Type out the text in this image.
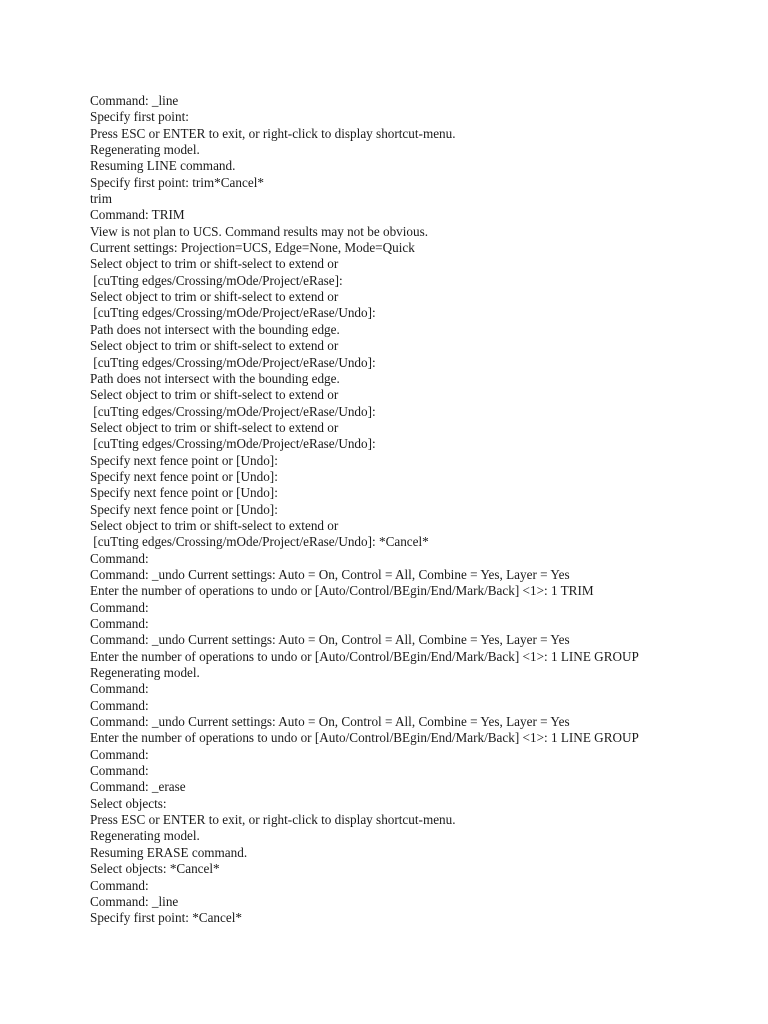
Command: _line
Specify first point:
Press ESC or ENTER to exit, or right-click to display shortcut-menu.
Regenerating model.
Resuming LINE command.
Specify first point: trim*Cancel*
trim
Command: TRIM
View is not plan to UCS. Command results may not be obvious.
Current settings: Projection=UCS, Edge=None, Mode=Quick
Select object to trim or shift-select to extend or
[cuTting edges/Crossing/mOde/Project/eRase]:
Select object to trim or shift-select to extend or
[cuTting edges/Crossing/mOde/Project/eRase/Undo]:
Path does not intersect with the bounding edge.
Select object to trim or shift-select to extend or
[cuTting edges/Crossing/mOde/Project/eRase/Undo]:
Path does not intersect with the bounding edge.
Select object to trim or shift-select to extend or
[cuTting edges/Crossing/mOde/Project/eRase/Undo]:
Select object to trim or shift-select to extend or
[cuTting edges/Crossing/mOde/Project/eRase/Undo]:
Specify next fence point or [Undo]:
Specify next fence point or [Undo]:
Specify next fence point or [Undo]:
Specify next fence point or [Undo]:
Select object to trim or shift-select to extend or
[cuTting edges/Crossing/mOde/Project/eRase/Undo]: *Cancel*
Command:
Command: _undo Current settings: Auto = On, Control = All, Combine = Yes, Layer = Yes
Enter the number of operations to undo or [Auto/Control/BEgin/End/Mark/Back] <1>: 1 TRIM
Command:
Command:
Command: _undo Current settings: Auto = On, Control = All, Combine = Yes, Layer = Yes
Enter the number of operations to undo or [Auto/Control/BEgin/End/Mark/Back] <1>: 1 LINE GROUP
Regenerating model.
Command:
Command:
Command: _undo Current settings: Auto = On, Control = All, Combine = Yes, Layer = Yes
Enter the number of operations to undo or [Auto/Control/BEgin/End/Mark/Back] <1>: 1 LINE GROUP
Command:
Command:
Command: _erase
Select objects:
Press ESC or ENTER to exit, or right-click to display shortcut-menu.
Regenerating model.
Resuming ERASE command.
Select objects: *Cancel*
Command:
Command: _line
Specify first point: *Cancel*
